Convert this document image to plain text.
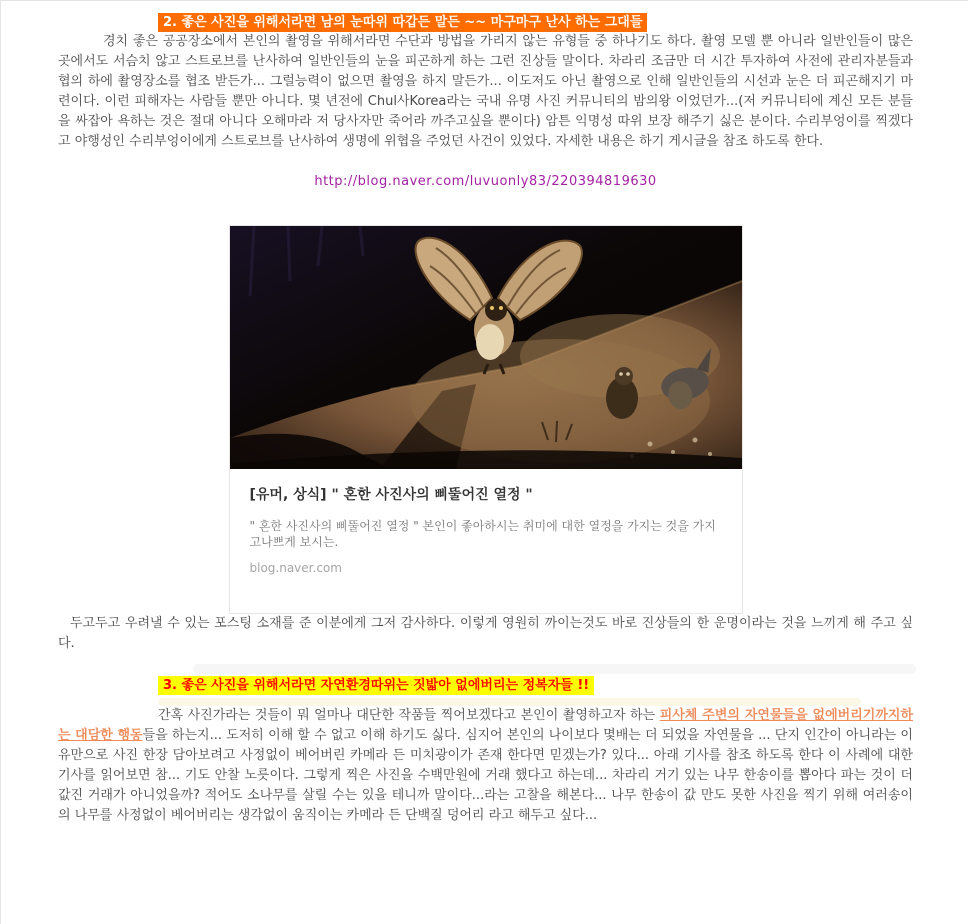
2. 좋은 사진을 위해서라면 남의 눈따위 따갑든 말든 ~~ 마구마구 난사 하는 그대들

경치 좋은 공공장소에서 본인의 촬영을 위해서라면 수단과 방법을 가리지 않는 유형들 중 하나기도 하다. 촬영 모델 뿐 아니라 일반인들이 많은 곳에서도 서슴치 않고 스트로브를 난사하여 일반인들의 눈을 피곤하게 하는 그런 진상들 말이다. 차라리 조금만 더 시간 투자하여 사전에 관리자분들과 협의 하에 촬영장소를 협조 받든가... 그럴능력이 없으면 촬영을 하지 말든가... 이도저도 아닌 촬영으로 인해 일반인들의 시선과 눈은 더 피곤해지기 마련이다. 이런 피해자는 사람들 뿐만 아니다. 몇 년전에 Chul사Korea라는 국내 유명 사진 커뮤니티의 밤의왕 이었던가...(저 커뮤니티에 계신 모든 분들을 싸잡아 욕하는 것은 절대 아니다 오해마라 저 당사자만 죽어라 까주고싶을 뿐이다) 암튼 익명성 따위 보장 해주기 싫은 분이다. 수리부엉이를 찍겠다고 야행성인 수리부엉이에게 스트로브를 난사하여 생명에 위협을 주었던 사건이 있었다. 자세한 내용은 하기 게시글을 참조 하도록 한다.

http://blog.naver.com/luvuonly83/220394819630

[유머, 상식] " 혼한 사진사의 삐뚤어진 열정 "

" 혼한 사진사의 삐뚤어진 열정 " 본인이 좋아하시는 취미에 대한 열정을 가지는 것을 가지고나쁘게 보시는.

blog.naver.com

두고두고 우려낼 수 있는 포스팅 소재를 준 이분에게 그저 감사하다. 이렇게 영원히 까이는것도 바로 진상들의 한 운명이라는 것을 느끼게 해 주고 싶다.

3. 좋은 사진을 위해서라면 자연환경따위는 짓밟아 없에버리는 정복자들 !!

간혹 사진가라는 것들이 뭐 얼마나 대단한 작품들 찍어보겠다고 본인이 촬영하고자 하는 피사체 주변의 자연물들을 없에버리기까지하는 대담한 행동들을 하는지... 도저히 이해 할 수 없고 이해 하기도 싫다. 심지어 본인의 나이보다 몇배는 더 되었을 자연물을 ... 단지 인간이 아니라는 이유만으로 사진 한장 담아보려고 사정없이 베어버린 카메라 든 미치광이가 존재 한다면 믿겠는가? 있다... 아래 기사를 참조 하도록 한다 이 사례에 대한 기사를 읽어보면 참... 기도 안찰 노릇이다. 그렇게 찍은 사진을 수백만원에 거래 했다고 하는데... 차라리 거기 있는 나무 한송이를 뽑아다 파는 것이 더 값진 거래가 아니었을까? 적어도 소나무를 살릴 수는 있을 테니까 말이다...라는 고찰을 해본다... 나무 한송이 값 만도 못한 사진을 찍기 위해 여러송이의 나무를 사정없이 베어버리는 생각없이 움직이는 카메라 든 단백질 덩어리 라고 해두고 싶다...
